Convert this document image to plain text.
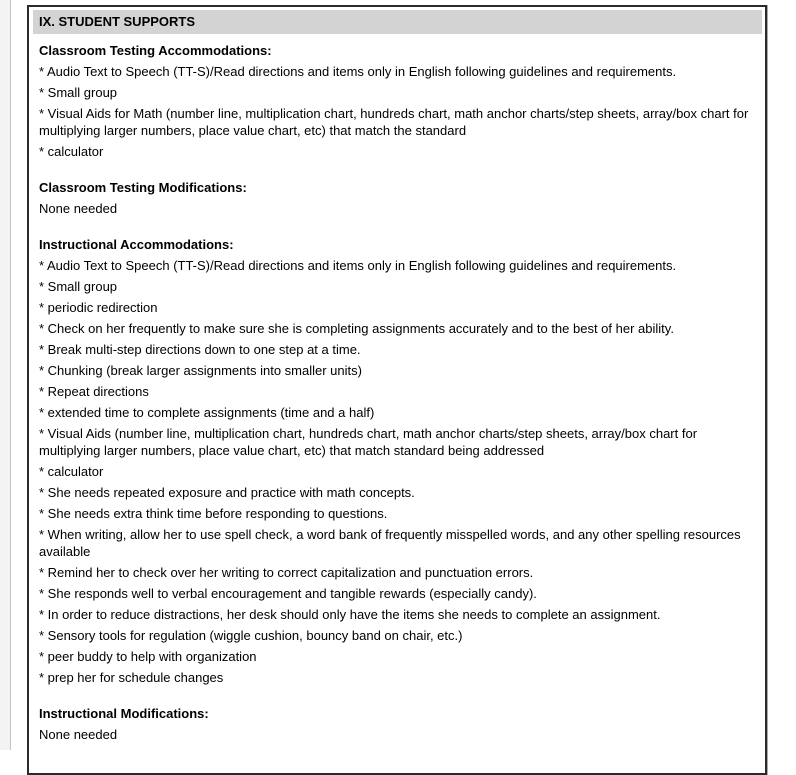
IX. STUDENT SUPPORTS

Classroom Testing Accommodations:

* Audio Text to Speech (TT-S)/Read directions and items only in English following guidelines and requirements.

* Small group

* Visual Aids for Math (number line, multiplication chart, hundreds chart, math anchor charts/step sheets, array/box chart for multiplying larger numbers, place value chart, etc) that match the standard

* calculator

Classroom Testing Modifications:

None needed

Instructional Accommodations:

* Audio Text to Speech (TT-S)/Read directions and items only in English following guidelines and requirements.

* Small group

* periodic redirection

* Check on her frequently to make sure she is completing assignments accurately and to the best of her ability.

* Break multi-step directions down to one step at a time.

* Chunking (break larger assignments into smaller units)

* Repeat directions

* extended time to complete assignments (time and a half)

* Visual Aids (number line, multiplication chart, hundreds chart, math anchor charts/step sheets, array/box chart for multiplying larger numbers, place value chart, etc) that match standard being addressed

* calculator

* She needs repeated exposure and practice with math concepts.

* She needs extra think time before responding to questions.

* When writing, allow her to use spell check, a word bank of frequently misspelled words, and any other spelling resources available

* Remind her to check over her writing to correct capitalization and punctuation errors.

* She responds well to verbal encouragement and tangible rewards (especially candy).

* In order to reduce distractions, her desk should only have the items she needs to complete an assignment.

* Sensory tools for regulation (wiggle cushion, bouncy band on chair, etc.)

* peer buddy to help with organization

* prep her for schedule changes

Instructional Modifications:

None needed
